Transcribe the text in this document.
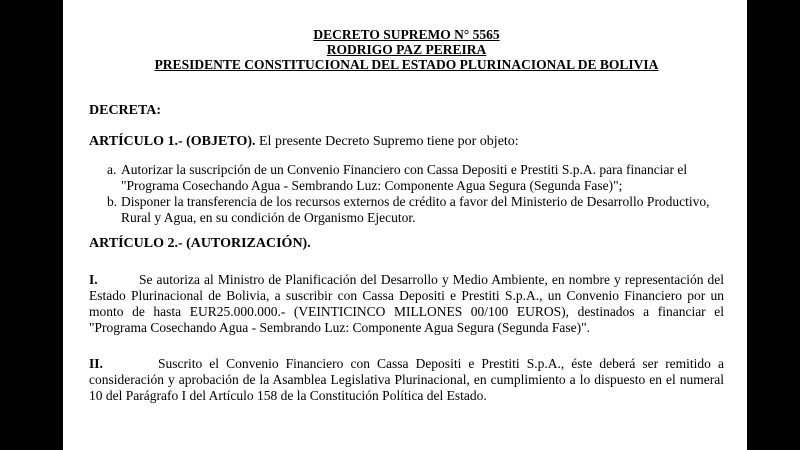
DECRETO SUPREMO N° 5565
RODRIGO PAZ PEREIRA
PRESIDENTE CONSTITUCIONAL DEL ESTADO PLURINACIONAL DE BOLIVIA
DECRETA:
ARTÍCULO 1.- (OBJETO). El presente Decreto Supremo tiene por objeto:
a. Autorizar la suscripción de un Convenio Financiero con Cassa Depositi e Prestiti S.p.A. para financiar el "Programa Cosechando Agua - Sembrando Luz: Componente Agua Segura (Segunda Fase)";
b. Disponer la transferencia de los recursos externos de crédito a favor del Ministerio de Desarrollo Productivo, Rural y Agua, en su condición de Organismo Ejecutor.
ARTÍCULO 2.- (AUTORIZACIÓN).
I.	Se autoriza al Ministro de Planificación del Desarrollo y Medio Ambiente, en nombre y representación del Estado Plurinacional de Bolivia, a suscribir con Cassa Depositi e Prestiti S.p.A., un Convenio Financiero por un monto de hasta EUR25.000.000.- (VEINTICINCO MILLONES 00/100 EUROS), destinados a financiar el "Programa Cosechando Agua - Sembrando Luz: Componente Agua Segura (Segunda Fase)".
II.	Suscrito el Convenio Financiero con Cassa Depositi e Prestiti S.p.A., éste deberá ser remitido a consideración y aprobación de la Asamblea Legislativa Plurinacional, en cumplimiento a lo dispuesto en el numeral 10 del Parágrafo I del Artículo 158 de la Constitución Política del Estado.
